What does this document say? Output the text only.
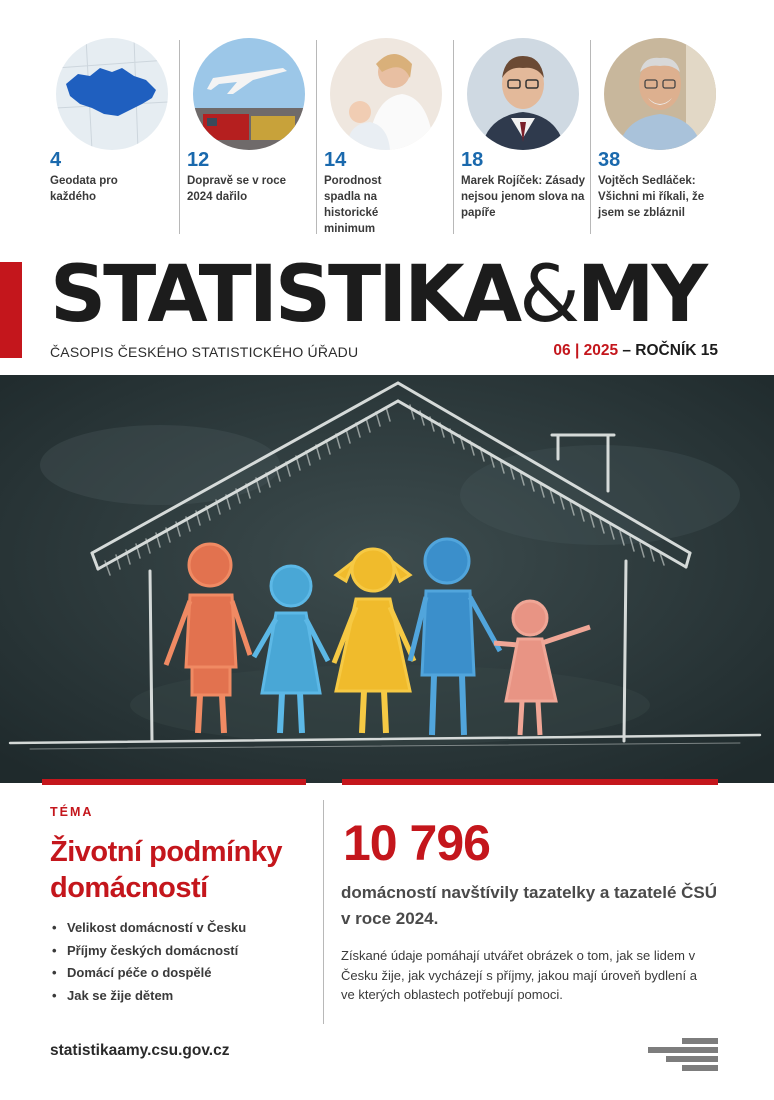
4
Geodata pro každého
12
Dopravě se v roce 2024 dařilo
14
Porodnost spadla na historické minimum
18
Marek Rojíček: Zásady nejsou jenom slova na papíře
38
Vojtěch Sedláček: Všichni mi říkali, že jsem se zbláznil
STATISTIKA&MY
ČASOPIS ČESKÉHO STATISTICKÉHO ÚŘADU	06 | 2025 – ROČNÍK 15
TÉMA
Životní podmínky domácností
• Velikost domácností v Česku
• Příjmy českých domácností
• Domácí péče o dospělé
• Jak se žije dětem
10 796
domácností navštívily tazatelky a tazatelé ČSÚ v roce 2024.
Získané údaje pomáhají utvářet obrázek o tom, jak se lidem v Česku žije, jak vycházejí s příjmy, jakou mají úroveň bydlení a ve kterých oblastech potřebují pomoci.
statistikaamy.csu.gov.cz
